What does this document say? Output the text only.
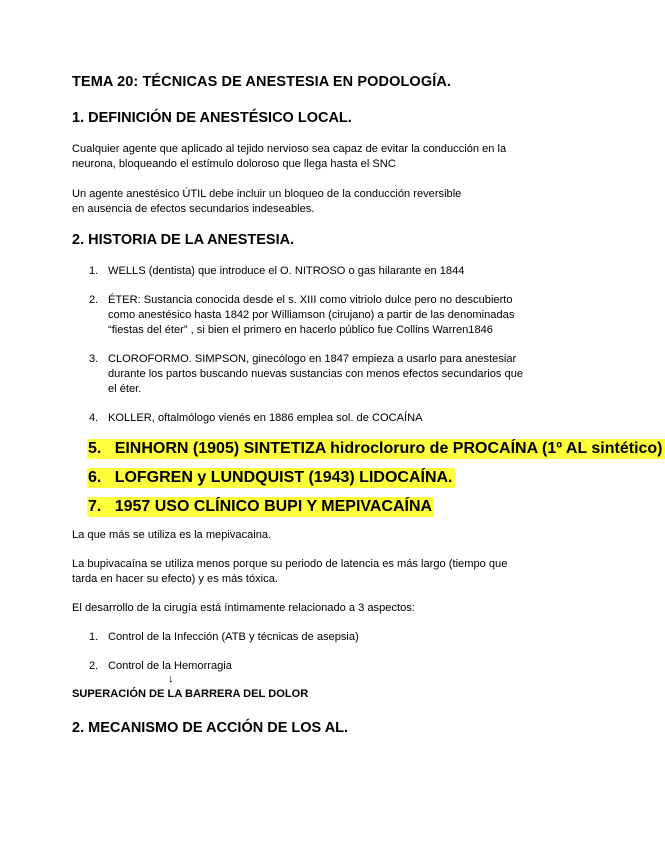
TEMA 20: TÉCNICAS DE ANESTESIA EN PODOLOGÍA.
1. DEFINICIÓN DE ANESTÉSICO LOCAL.
Cualquier agente que aplicado al tejido nervioso sea capaz de evitar la conducción en la
neurona, bloqueando el estímulo doloroso que llega hasta el SNC
Un agente anestésico ÚTIL debe incluir un bloqueo de la conducción reversible
en ausencia de efectos secundarios indeseables.
2. HISTORIA DE LA ANESTESIA.
1. WELLS (dentista) que introduce el O. NITROSO o gas hilarante en 1844
2. ÉTER: Sustancia conocida desde el s. XIII como vitriolo dulce pero no descubierto
como anestésico hasta 1842 por Williamson (cirujano) a partir de las denominadas
“fiestas del éter” , si bien el primero en hacerlo público fue Collins Warren1846
3. CLOROFORMO. SIMPSON, ginecólogo en 1847 empieza a usarlo para anestesiar
durante los partos buscando nuevas sustancias con menos efectos secundarios que
el éter.
4. KOLLER, oftalmólogo vienés en 1886 emplea sol. de COCAÍNA
5. EINHORN (1905) SINTETIZA hidrocloruro de PROCAÍNA (1º AL sintético)
6. LOFGREN y LUNDQUIST (1943) LIDOCAÍNA.
7. 1957 USO CLÍNICO BUPI Y MEPIVACAÍNA
La que más se utiliza es la mepivacaina.
La bupivacaína se utiliza menos porque su periodo de latencia es más largo (tiempo que
tarda en hacer su efecto) y es más tóxica.
El desarrollo de la cirugía está íntimamente relacionado a 3 aspectos:
1. Control de la Infección (ATB y técnicas de asepsia)
2. Control de la Hemorragia
↓
SUPERACIÓN DE LA BARRERA DEL DOLOR
2. MECANISMO DE ACCIÓN DE LOS AL.
